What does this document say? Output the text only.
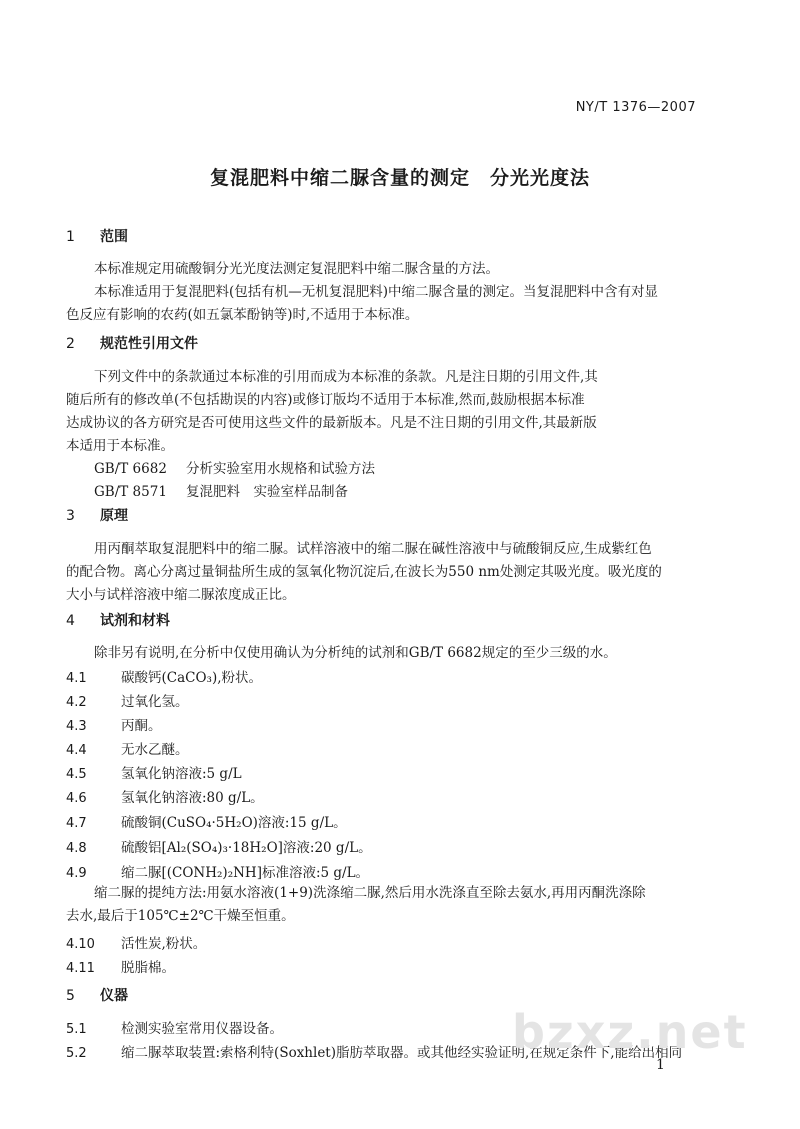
NY/T 1376—2007
复混肥料中缩二脲含量的测定　分光光度法
1 范围
本标准规定用硫酸铜分光光度法测定复混肥料中缩二脲含量的方法。
本标准适用于复混肥料(包括有机—无机复混肥料)中缩二脲含量的测定。当复混肥料中含有对显
色反应有影响的农药(如五氯苯酚钠等)时,不适用于本标准。
2 规范性引用文件
下列文件中的条款通过本标准的引用而成为本标准的条款。凡是注日期的引用文件,其
随后所有的修改单(不包括勘误的内容)或修订版均不适用于本标准,然而,鼓励根据本标准
达成协议的各方研究是否可使用这些文件的最新版本。凡是不注日期的引用文件,其最新版
本适用于本标准。
GB/T 6682 分析实验室用水规格和试验方法
GB/T 8571 复混肥料　实验室样品制备
3 原理
用丙酮萃取复混肥料中的缩二脲。试样溶液中的缩二脲在碱性溶液中与硫酸铜反应,生成紫红色
的配合物。离心分离过量铜盐所生成的氢氧化物沉淀后,在波长为550 nm处测定其吸光度。吸光度的
大小与试样溶液中缩二脲浓度成正比。
4 试剂和材料
除非另有说明,在分析中仅使用确认为分析纯的试剂和GB/T 6682规定的至少三级的水。
4.1	碳酸钙(CaCO₃),粉状。
4.2	过氧化氢。
4.3	丙酮。
4.4	无水乙醚。
4.5	氢氧化钠溶液:5 g/L
4.6	氢氧化钠溶液:80 g/L。
4.7	硫酸铜(CuSO₄·5H₂O)溶液:15 g/L。
4.8	硫酸铝[Al₂(SO₄)₃·18H₂O]溶液:20 g/L。
4.9	缩二脲[(CONH₂)₂NH]标准溶液:5 g/L。
缩二脲的提纯方法:用氨水溶液(1+9)洗涤缩二脲,然后用水洗涤直至除去氨水,再用丙酮洗涤除
去水,最后于105℃±2℃干燥至恒重。
4.10 活性炭,粉状。
4.11 脱脂棉。
5 仪器
5.1	检测实验室常用仪器设备。
5.2	缩二脲萃取装置:索格利特(Soxhlet)脂肪萃取器。或其他经实验证明,在规定条件下,能给出相同
bzxz.net
1
